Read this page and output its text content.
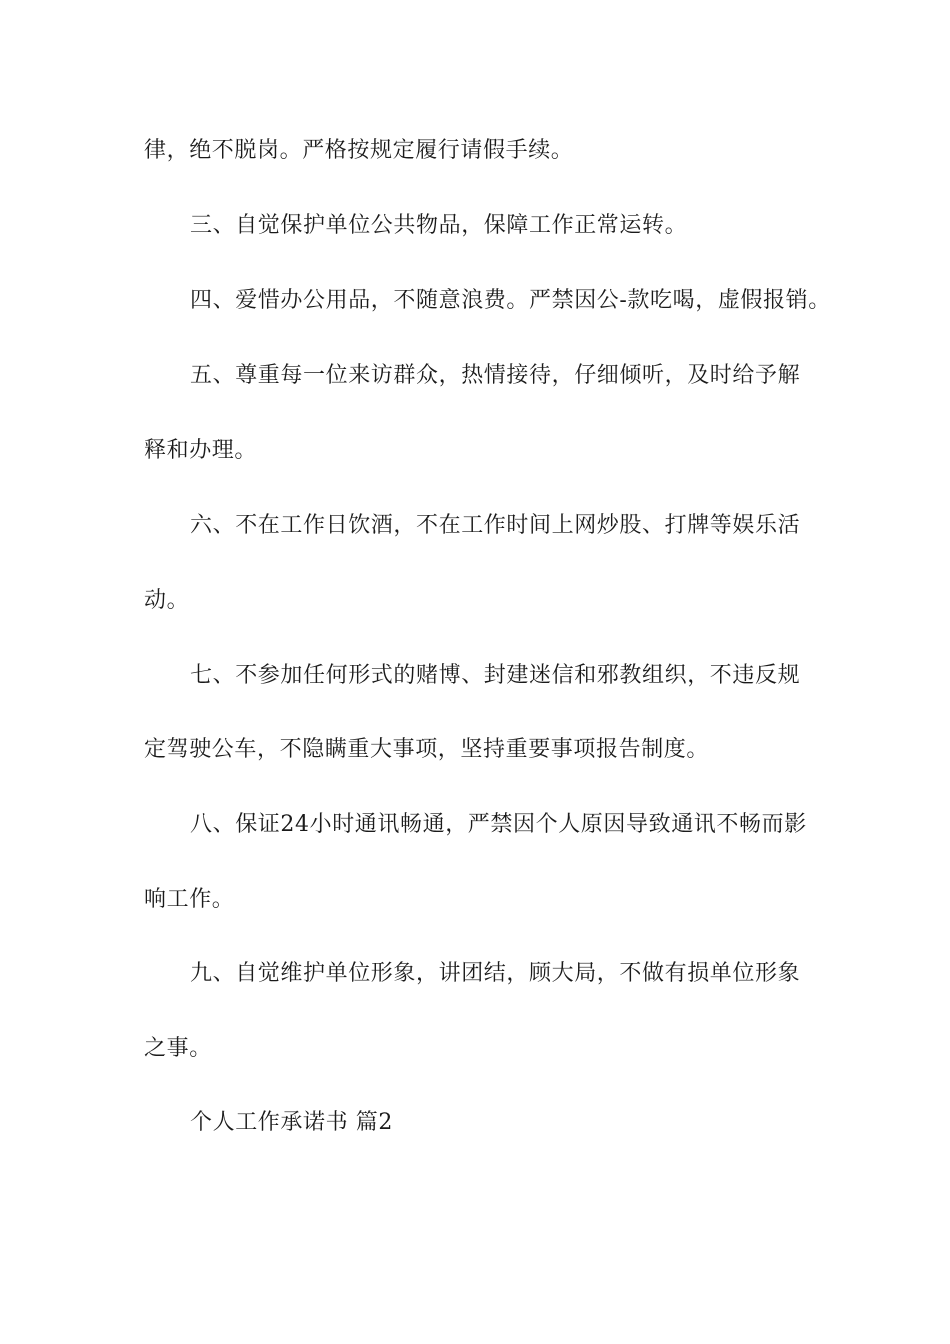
律，绝不脱岗。严格按规定履行请假手续。
三、自觉保护单位公共物品，保障工作正常运转。
四、爱惜办公用品，不随意浪费。严禁因公-款吃喝，虚假报销。
五、尊重每一位来访群众，热情接待，仔细倾听，及时给予解
释和办理。
六、不在工作日饮酒，不在工作时间上网炒股、打牌等娱乐活
动。
七、不参加任何形式的赌博、封建迷信和邪教组织，不违反规
定驾驶公车，不隐瞒重大事项，坚持重要事项报告制度。
八、保证24小时通讯畅通，严禁因个人原因导致通讯不畅而影
响工作。
九、自觉维护单位形象，讲团结，顾大局，不做有损单位形象
之事。
个人工作承诺书 篇2
